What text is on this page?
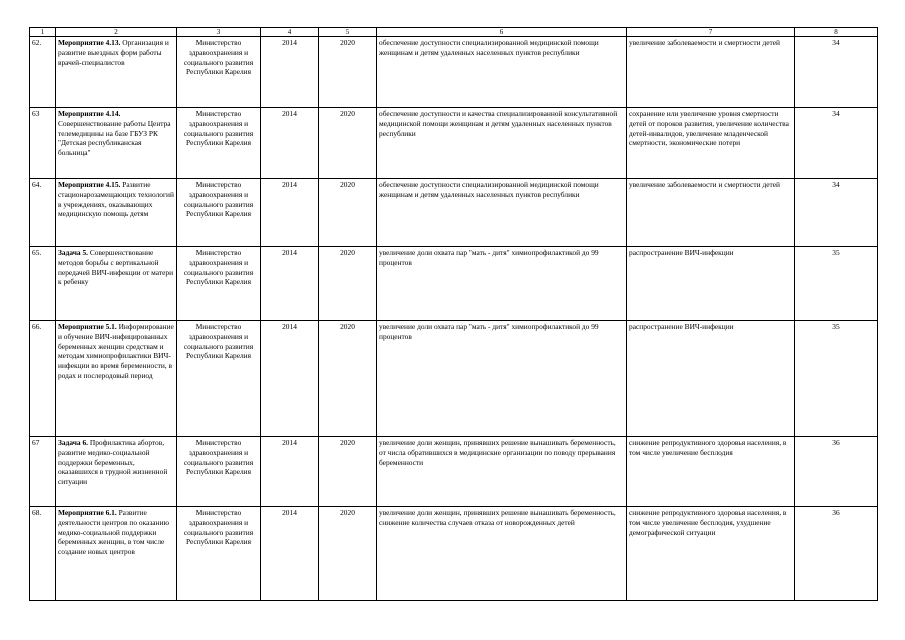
1	2	3	4	5	6	7	8
62.	Мероприятие 4.13. Организация и развитие выездных форм работы врачей-специалистов	Министерство здравоохранения и социального развития Республики Карелия	2014	2020	обеспечение доступности специализированной медицинской помощи женщинам и детям удаленных населенных пунктов республики	увеличение заболеваемости и смертности детей	34
63	Мероприятие 4.14. Совершенствование работы Центра телемедицины на базе ГБУЗ РК "Детская республиканская больница"	Министерство здравоохранения и социального развития Республики Карелия	2014	2020	обеспечение доступности и качества специализированной консультативной медицинской помощи женщинам и детям удаленных населенных пунктов республики	сохранение или увеличение уровня смертности детей от пороков развития, увеличение количества детей-инвалидов, увеличение младенческой смертности, экономические потери	34
64.	Мероприятие 4.15. Развитие стационарозамещающих технологий в учреждениях, оказывающих медицинскую помощь детям	Министерство здравоохранения и социального развития Республики Карелия	2014	2020	обеспечение доступности специализированной медицинской помощи женщинам и детям удаленных населенных пунктов республики	увеличение заболеваемости и смертности детей	34
65.	Задача 5. Совершенствование методов борьбы с вертикальной передачей ВИЧ-инфекции от матери к ребенку	Министерство здравоохранения и социального развития Республики Карелия	2014	2020	увеличение доли охвата пар "мать - дитя" химиопрофилактикой до 99 процентов	распространение ВИЧ-инфекции	35
66.	Мероприятие 5.1. Информирование и обучение ВИЧ-инфицированных беременных женщин средствам и методам химиопрофилактики ВИЧ-инфекции во время беременности, в родах и послеродовый период	Министерство здравоохранения и социального развития Республики Карелия	2014	2020	увеличение доли охвата пар "мать - дитя" химиопрофилактикой до 99 процентов	распространение ВИЧ-инфекции	35
67	Задача 6. Профилактика абортов, развитие медико-социальной поддержки беременных, оказавшихся в трудной жизненной ситуации	Министерство здравоохранения и социального развития Республики Карелия	2014	2020	увеличение доли женщин, принявших решение вынашивать беременность, от числа обратившихся в медицинские организации по поводу прерывания беременности	снижение репродуктивного здоровья населения, в том числе увеличение бесплодия	36
68.	Мероприятие 6.1. Развитие деятельности центров по оказанию медико-социальной поддержки беременных женщин, в том числе создание новых центров	Министерство здравоохранения и социального развития Республики Карелия	2014	2020	увеличение доли женщин, принявших решение вынашивать беременность, снижение количества случаев отказа от новорожденных детей	снижение репродуктивного здоровья населения, в том числе увеличение бесплодия, ухудшение демографической ситуации	36
